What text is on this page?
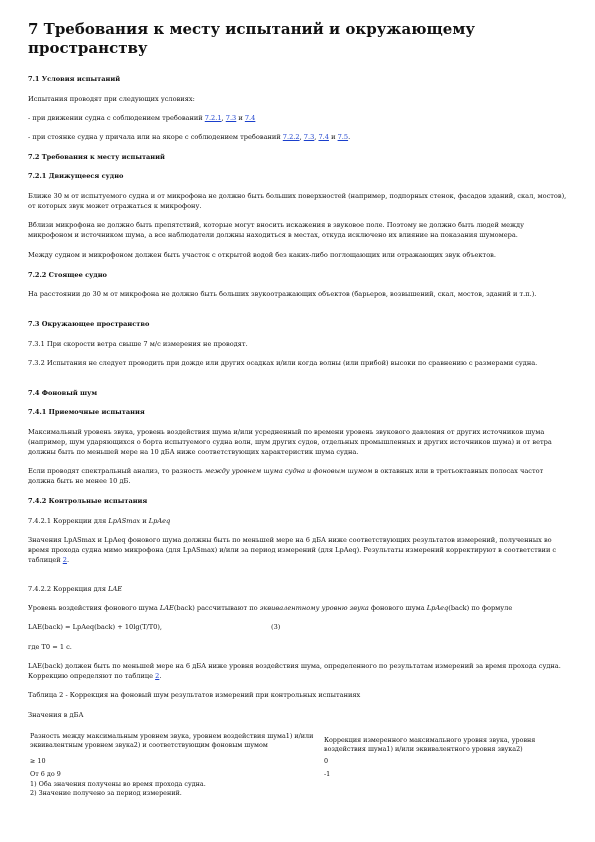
7 Требования к месту испытаний и окружающему пространству

7.1 Условия испытаний

Испытания проводят при следующих условиях:

- при движении судна с соблюдением требований 7.2.1, 7.3 и 7.4

- при стоянке судна у причала или на якоре с соблюдением требований 7.2.2, 7.3, 7.4 и 7.5.

7.2 Требования к месту испытаний

7.2.1 Движущееся судно

Ближе 30 м от испытуемого судна и от микрофона не должно быть больших поверхностей (например, подпорных стенок, фасадов зданий, скал, мостов), от которых звук может отражаться к микрофону.

Вблизи микрофона не должно быть препятствий, которые могут вносить искажения в звуковое поле. Поэтому не должно быть людей между микрофоном и источником шума, а все наблюдатели должны находиться в местах, откуда исключено их влияние на показания шумомера.

Между судном и микрофоном должен быть участок с открытой водой без каких-либо поглощающих или отражающих звук объектов.

7.2.2 Стоящее судно

На расстоянии до 30 м от микрофона не должно быть больших звукоотражающих объектов (барьеров, возвышений, скал, мостов, зданий и т.п.).

7.3 Окружающее пространство

7.3.1 При скорости ветра свыше 7 м/с измерения не проводят.

7.3.2 Испытания не следует проводить при дожде или других осадках и/или когда волны (или прибой) высоки по сравнению с размерами судна.

7.4 Фоновый шум

7.4.1 Приемочные испытания

Максимальный уровень звука, уровень воздействия шума и/или усредненный по времени уровень звукового давления от других источников шума (например, шум ударяющихся о борта испытуемого судна волн, шум других судов, отдельных промышленных и других источников шума) и от ветра должны быть по меньшей мере на 10 дБА ниже соответствующих характеристик шума судна.

Если проводят спектральный анализ, то разность между уровнем шума судна и фоновым шумом в октавных или в третьоктавных полосах частот должна быть не менее 10 дБ.

7.4.2 Контрольные испытания

7.4.2.1 Коррекции для LpASmax и LpAeq

Значения LpASmax и LpAeq фонового шума должны быть по меньшей мере на 6 дБА ниже соответствующих результатов измерений, полученных во время прохода судна мимо микрофона (для LpASmax) и/или за период измерений (для LpAeq). Результаты измерений корректируют в соответствии с таблицей 2.

7.4.2.2 Коррекция для LAE

Уровень воздействия фонового шума LAE(back) рассчитывают по эквивалентному уровню звука фонового шума LpAeq(back) по формуле

LAE(back) = LpAeq(back) + 10lg(T/T0),	(3)

где T0 = 1 с.

LAE(back) должен быть по меньшей мере на 6 дБА ниже уровня воздействия шума, определенного по результатам измерений за время прохода судна. Коррекцию определяют по таблице 2.

Таблица 2 - Коррекция на фоновый шум результатов измерений при контрольных испытаниях

Значения в дБА

Разность между максимальным уровнем звука, уровнем воздействия шума1) и/или эквивалентным уровнем звука2) и соответствующим фоновым шумом	Коррекция измеренного максимального уровня звука, уровня воздействия шума1) и/или эквивалентного уровня звука2)
≥ 10	0
От 6 до 9	-1
1) Оба значения получены во время прохода судна.	
2) Значение получено за период измерений.	
